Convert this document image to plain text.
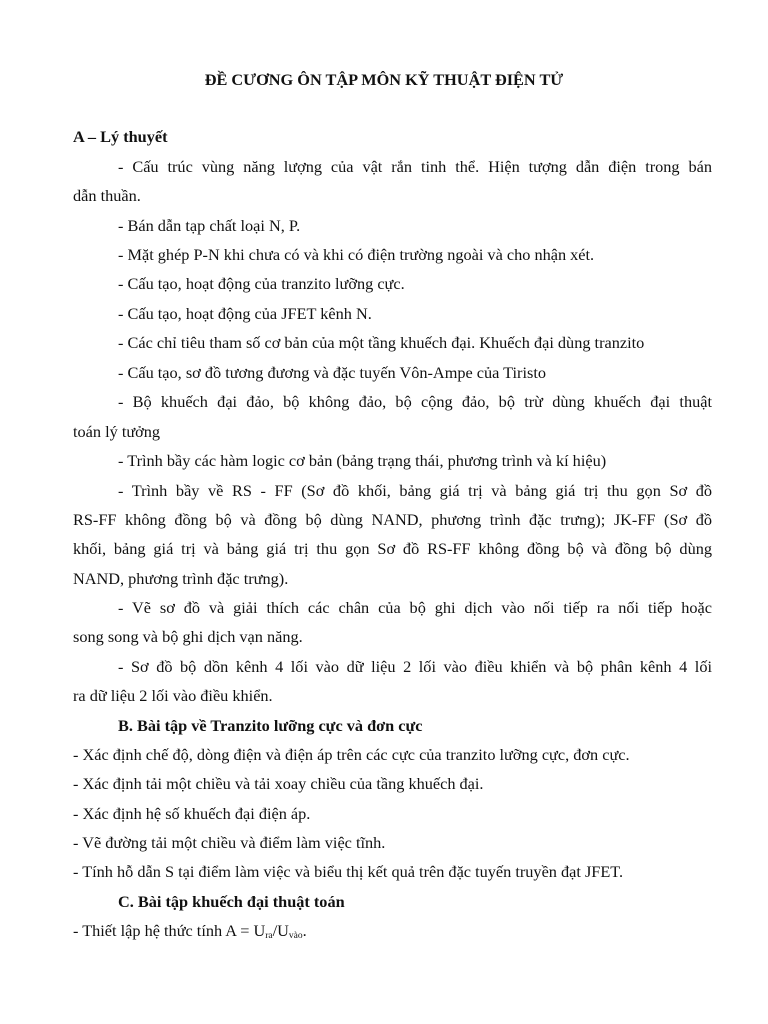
ĐỀ CƯƠNG ÔN TẬP MÔN KỸ THUẬT ĐIỆN TỬ
A – Lý thuyết
- Cấu trúc vùng năng lượng của vật rắn tinh thể. Hiện tượng dẫn điện trong bán
dẫn thuần.
- Bán dẫn tạp chất loại N, P.
- Mặt ghép P-N khi chưa có và khi có điện trường ngoài và cho nhận xét.
- Cấu tạo, hoạt động của tranzito lưỡng cực.
- Cấu tạo, hoạt động của JFET kênh N.
- Các chỉ tiêu tham số cơ bản của một tầng khuếch đại. Khuếch đại dùng tranzito
- Cấu tạo, sơ đồ tương đương và đặc tuyến Vôn-Ampe của Tiristo
- Bộ khuếch đại đảo, bộ không đảo, bộ cộng đảo, bộ trừ dùng khuếch đại thuật
toán lý tưởng
- Trình bầy các hàm logic cơ bản (bảng trạng thái, phương trình và kí hiệu)
- Trình bầy về RS - FF (Sơ đồ khối, bảng giá trị và bảng giá trị thu gọn Sơ đồ
RS-FF không đồng bộ và đồng bộ dùng NAND, phương trình đặc trưng); JK-FF (Sơ đồ
khối, bảng giá trị và bảng giá trị thu gọn Sơ đồ RS-FF không đồng bộ và đồng bộ dùng
NAND, phương trình đặc trưng).
- Vẽ sơ đồ và giải thích các chân của bộ ghi dịch vào nối tiếp ra nối tiếp hoặc
song song và bộ ghi dịch vạn năng.
- Sơ đồ bộ dồn kênh 4 lối vào dữ liệu 2 lối vào điều khiển và bộ phân kênh 4 lối
ra dữ liệu 2 lối vào điều khiển.
B. Bài tập về Tranzito lưỡng cực và đơn cực
- Xác định chế độ, dòng điện và điện áp trên các cực của tranzito lưỡng cực, đơn cực.
- Xác định tải một chiều và tải xoay chiều của tầng khuếch đại.
- Xác định hệ số khuếch đại điện áp.
- Vẽ đường tải một chiều và điểm làm việc tĩnh.
- Tính hỗ dẫn S tại điểm làm việc và biểu thị kết quả trên đặc tuyến truyền đạt JFET.
C. Bài tập khuếch đại thuật toán
- Thiết lập hệ thức tính $A = U_{ra}/U_{vào}$.
